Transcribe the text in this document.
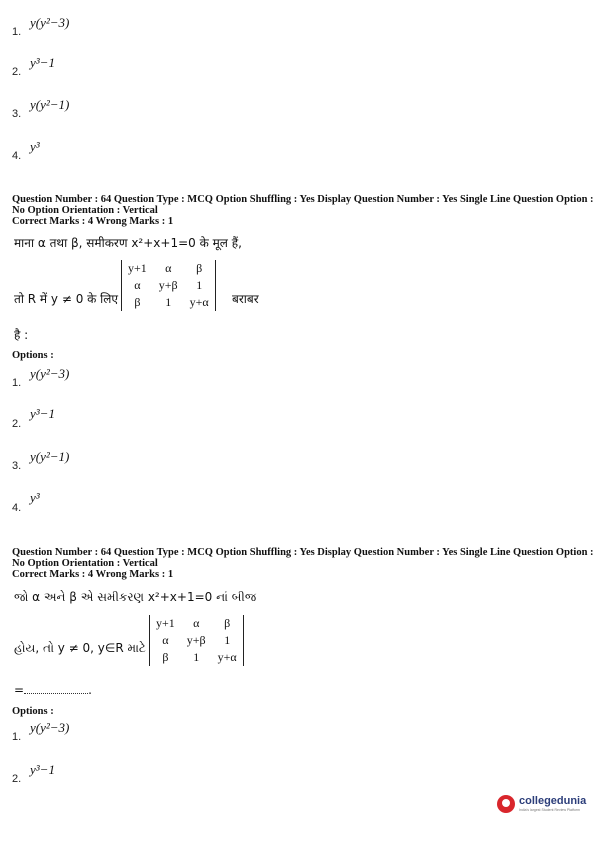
1.
y(y²−3)
2.
y³−1
3.
y(y²−1)
4.
y³
Question Number : 64 Question Type : MCQ Option Shuffling : Yes Display Question Number : Yes Single Line Question Option :
No Option Orientation : Vertical
Correct Marks : 4 Wrong Marks : 1
माना α तथा β, समीकरण x²+x+1=0 के मूल हैं,
तो R में y ≠ 0 के लिए
y+1	α	β
α	y+β	1
β	1	y+α बराबर
है :
Options :
1.
y(y²−3)
2.
y³−1
3.
y(y²−1)
4.
y³
Question Number : 64 Question Type : MCQ Option Shuffling : Yes Display Question Number : Yes Single Line Question Option :
No Option Orientation : Vertical
Correct Marks : 4 Wrong Marks : 1
જો α અને β એ સમીકરણ x²+x+1=0 નાં બીજ
હોય, તો y ≠ 0, y∈R માટે
y+1	α	β
α	y+β	1
β	1	y+α
=	.
Options :
1.
y(y²−3)
2.
y³−1
collegedunia
India's largest Student Review Platform
